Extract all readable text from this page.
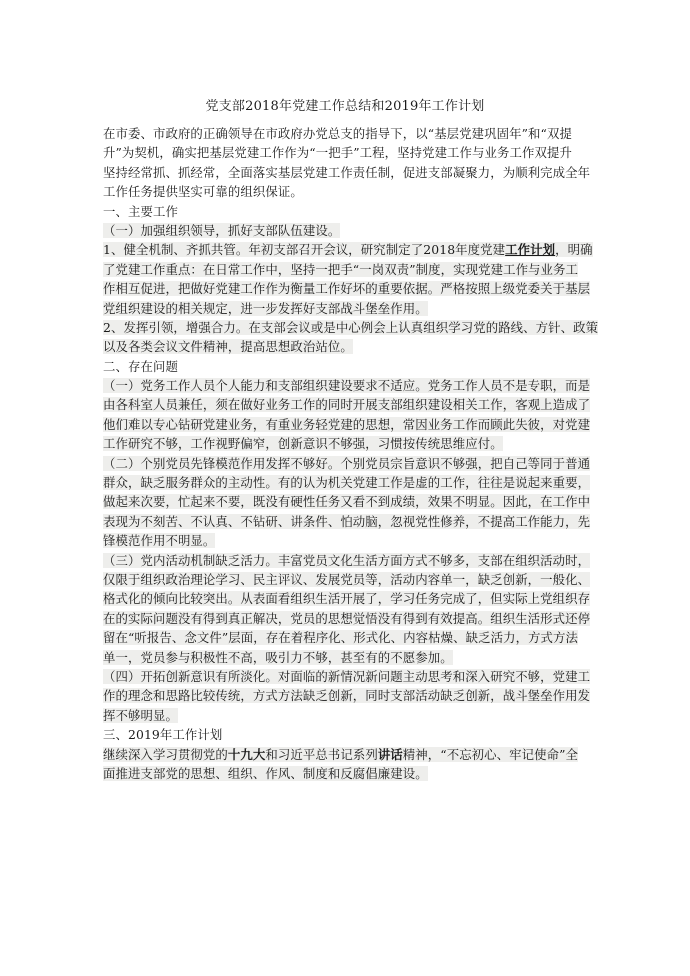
党支部2018年党建工作总结和2019年工作计划
在市委、市政府的正确领导在市政府办党总支的指导下，以“基层党建巩固年”和“双提
升”为契机，确实把基层党建工作作为“一把手”工程，坚持党建工作与业务工作双提升
坚持经常抓、抓经常，全面落实基层党建工作责任制，促进支部凝聚力，为顺利完成全年
工作任务提供坚实可靠的组织保证。
一、主要工作
（一）加强组织领导，抓好支部队伍建设。
1、健全机制、齐抓共管。年初支部召开会议，研究制定了2018年度党建工作计划，明确
了党建工作重点：在日常工作中，坚持一把手“一岗双责”制度，实现党建工作与业务工
作相互促进，把做好党建工作作为衡量工作好坏的重要依据。严格按照上级党委关于基层
党组织建设的相关规定，进一步发挥好支部战斗堡垒作用。
2、发挥引领，增强合力。在支部会议或是中心例会上认真组织学习党的路线、方针、政策
以及各类会议文件精神，提高思想政治站位。
二、存在问题
（一）党务工作人员个人能力和支部组织建设要求不适应。党务工作人员不是专职，而是
由各科室人员兼任，须在做好业务工作的同时开展支部组织建设相关工作，客观上造成了
他们难以专心钻研党建业务，有重业务轻党建的思想，常因业务工作而顾此失彼，对党建
工作研究不够，工作视野偏窄，创新意识不够强，习惯按传统思维应付。
（二）个别党员先锋模范作用发挥不够好。个别党员宗旨意识不够强，把自己等同于普通
群众，缺乏服务群众的主动性。有的认为机关党建工作是虚的工作，往往是说起来重要，
做起来次要，忙起来不要，既没有硬性任务又看不到成绩，效果不明显。因此，在工作中
表现为不刻苦、不认真、不钻研、讲条件、怕动脑，忽视党性修养，不提高工作能力，先
锋模范作用不明显。
（三）党内活动机制缺乏活力。丰富党员文化生活方面方式不够多，支部在组织活动时，
仅限于组织政治理论学习、民主评议、发展党员等，活动内容单一，缺乏创新，一般化、
格式化的倾向比较突出。从表面看组织生活开展了，学习任务完成了，但实际上党组织存
在的实际问题没有得到真正解决，党员的思想觉悟没有得到有效提高。组织生活形式还停
留在“听报告、念文件”层面，存在着程序化、形式化、内容枯燥、缺乏活力，方式方法
单一，党员参与积极性不高，吸引力不够，甚至有的不愿参加。
（四）开拓创新意识有所淡化。对面临的新情况新问题主动思考和深入研究不够，党建工
作的理念和思路比较传统，方式方法缺乏创新，同时支部活动缺乏创新，战斗堡垒作用发
挥不够明显。
三、2019年工作计划
继续深入学习贯彻党的十九大和习近平总书记系列讲话精神，“不忘初心、牢记使命”全
面推进支部党的思想、组织、作风、制度和反腐倡廉建设。
